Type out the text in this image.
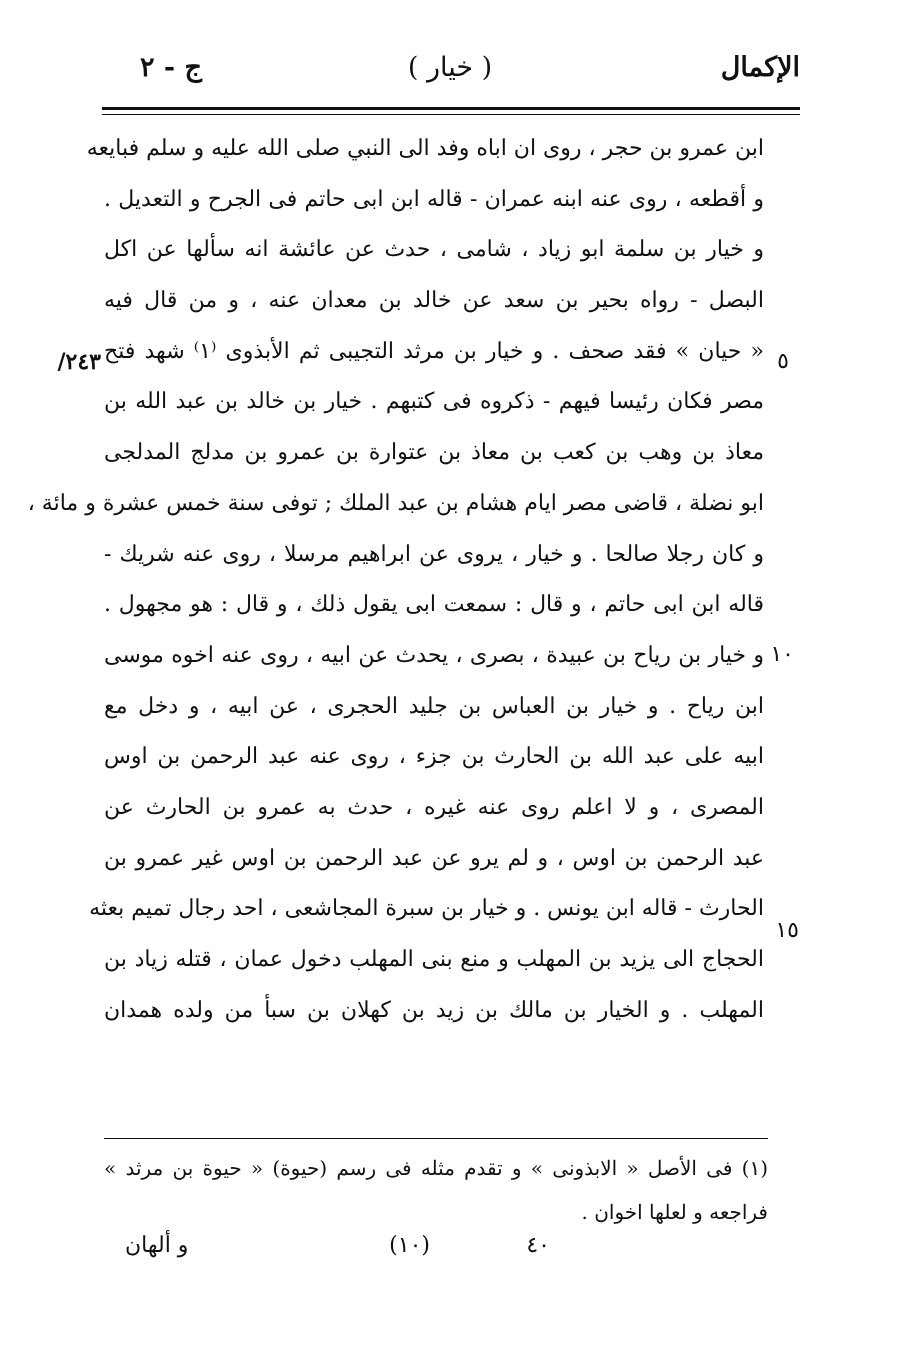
الإكمال
( خيار )
ج - ٢
٢٤٣/	٥
١٠
١٥
ابن عمرو بن حجر ، روى ان اباه وفد الى النبي صلى الله عليه و سلم فبايعه
و أقطعه ، روى عنه ابنه عمران - قاله ابن ابى حاتم فى الجرح و التعديل .
و خيار بن سلمة ابو زياد ، شامى ، حدث عن عائشة انه سألها عن اكل
البصل - رواه بحير بن سعد عن خالد بن معدان عنه ، و من قال فيه
« حيان » فقد صحف . و خيار بن مرثد التجيبى ثم الأبذوى ⁽١⁾ شهد فتح
مصر فكان رئيسا فيهم - ذكروه فى كتبهم . خيار بن خالد بن عبد الله بن
معاذ بن وهب بن كعب بن معاذ بن عتوارة بن عمرو بن مدلج المدلجى
ابو نضلة ، قاضى مصر ايام هشام بن عبد الملك ; توفى سنة خمس عشرة و مائة ،
و كان رجلا صالحا . و خيار ، يروى عن ابراهيم مرسلا ، روى عنه شريك -
قاله ابن ابى حاتم ، و قال : سمعت ابى يقول ذلك ، و قال : هو مجهول .
و خيار بن رياح بن عبيدة ، بصرى ، يحدث عن ابيه ، روى عنه اخوه موسى
ابن رياح . و خيار بن العباس بن جليد الحجرى ، عن ابيه ، و دخل مع
ابيه على عبد الله بن الحارث بن جزء ، روى عنه عبد الرحمن بن اوس
المصرى ، و لا اعلم روى عنه غيره ، حدث به عمرو بن الحارث عن
عبد الرحمن بن اوس ، و لم يرو عن عبد الرحمن بن اوس غير عمرو بن
الحارث - قاله ابن يونس . و خيار بن سبرة المجاشعى ، احد رجال تميم بعثه
الحجاج الى يزيد بن المهلب و منع بنى المهلب دخول عمان ، قتله زياد بن
المهلب . و الخيار بن مالك بن زيد بن كهلان بن سبأ من ولده همدان
(١) فى الأصل « الابذونى » و تقدم مثله فى رسم (حيوة) « حيوة بن مرثد »
فراجعه و لعلها اخوان .
٤٠
(١٠)
و ألهان
